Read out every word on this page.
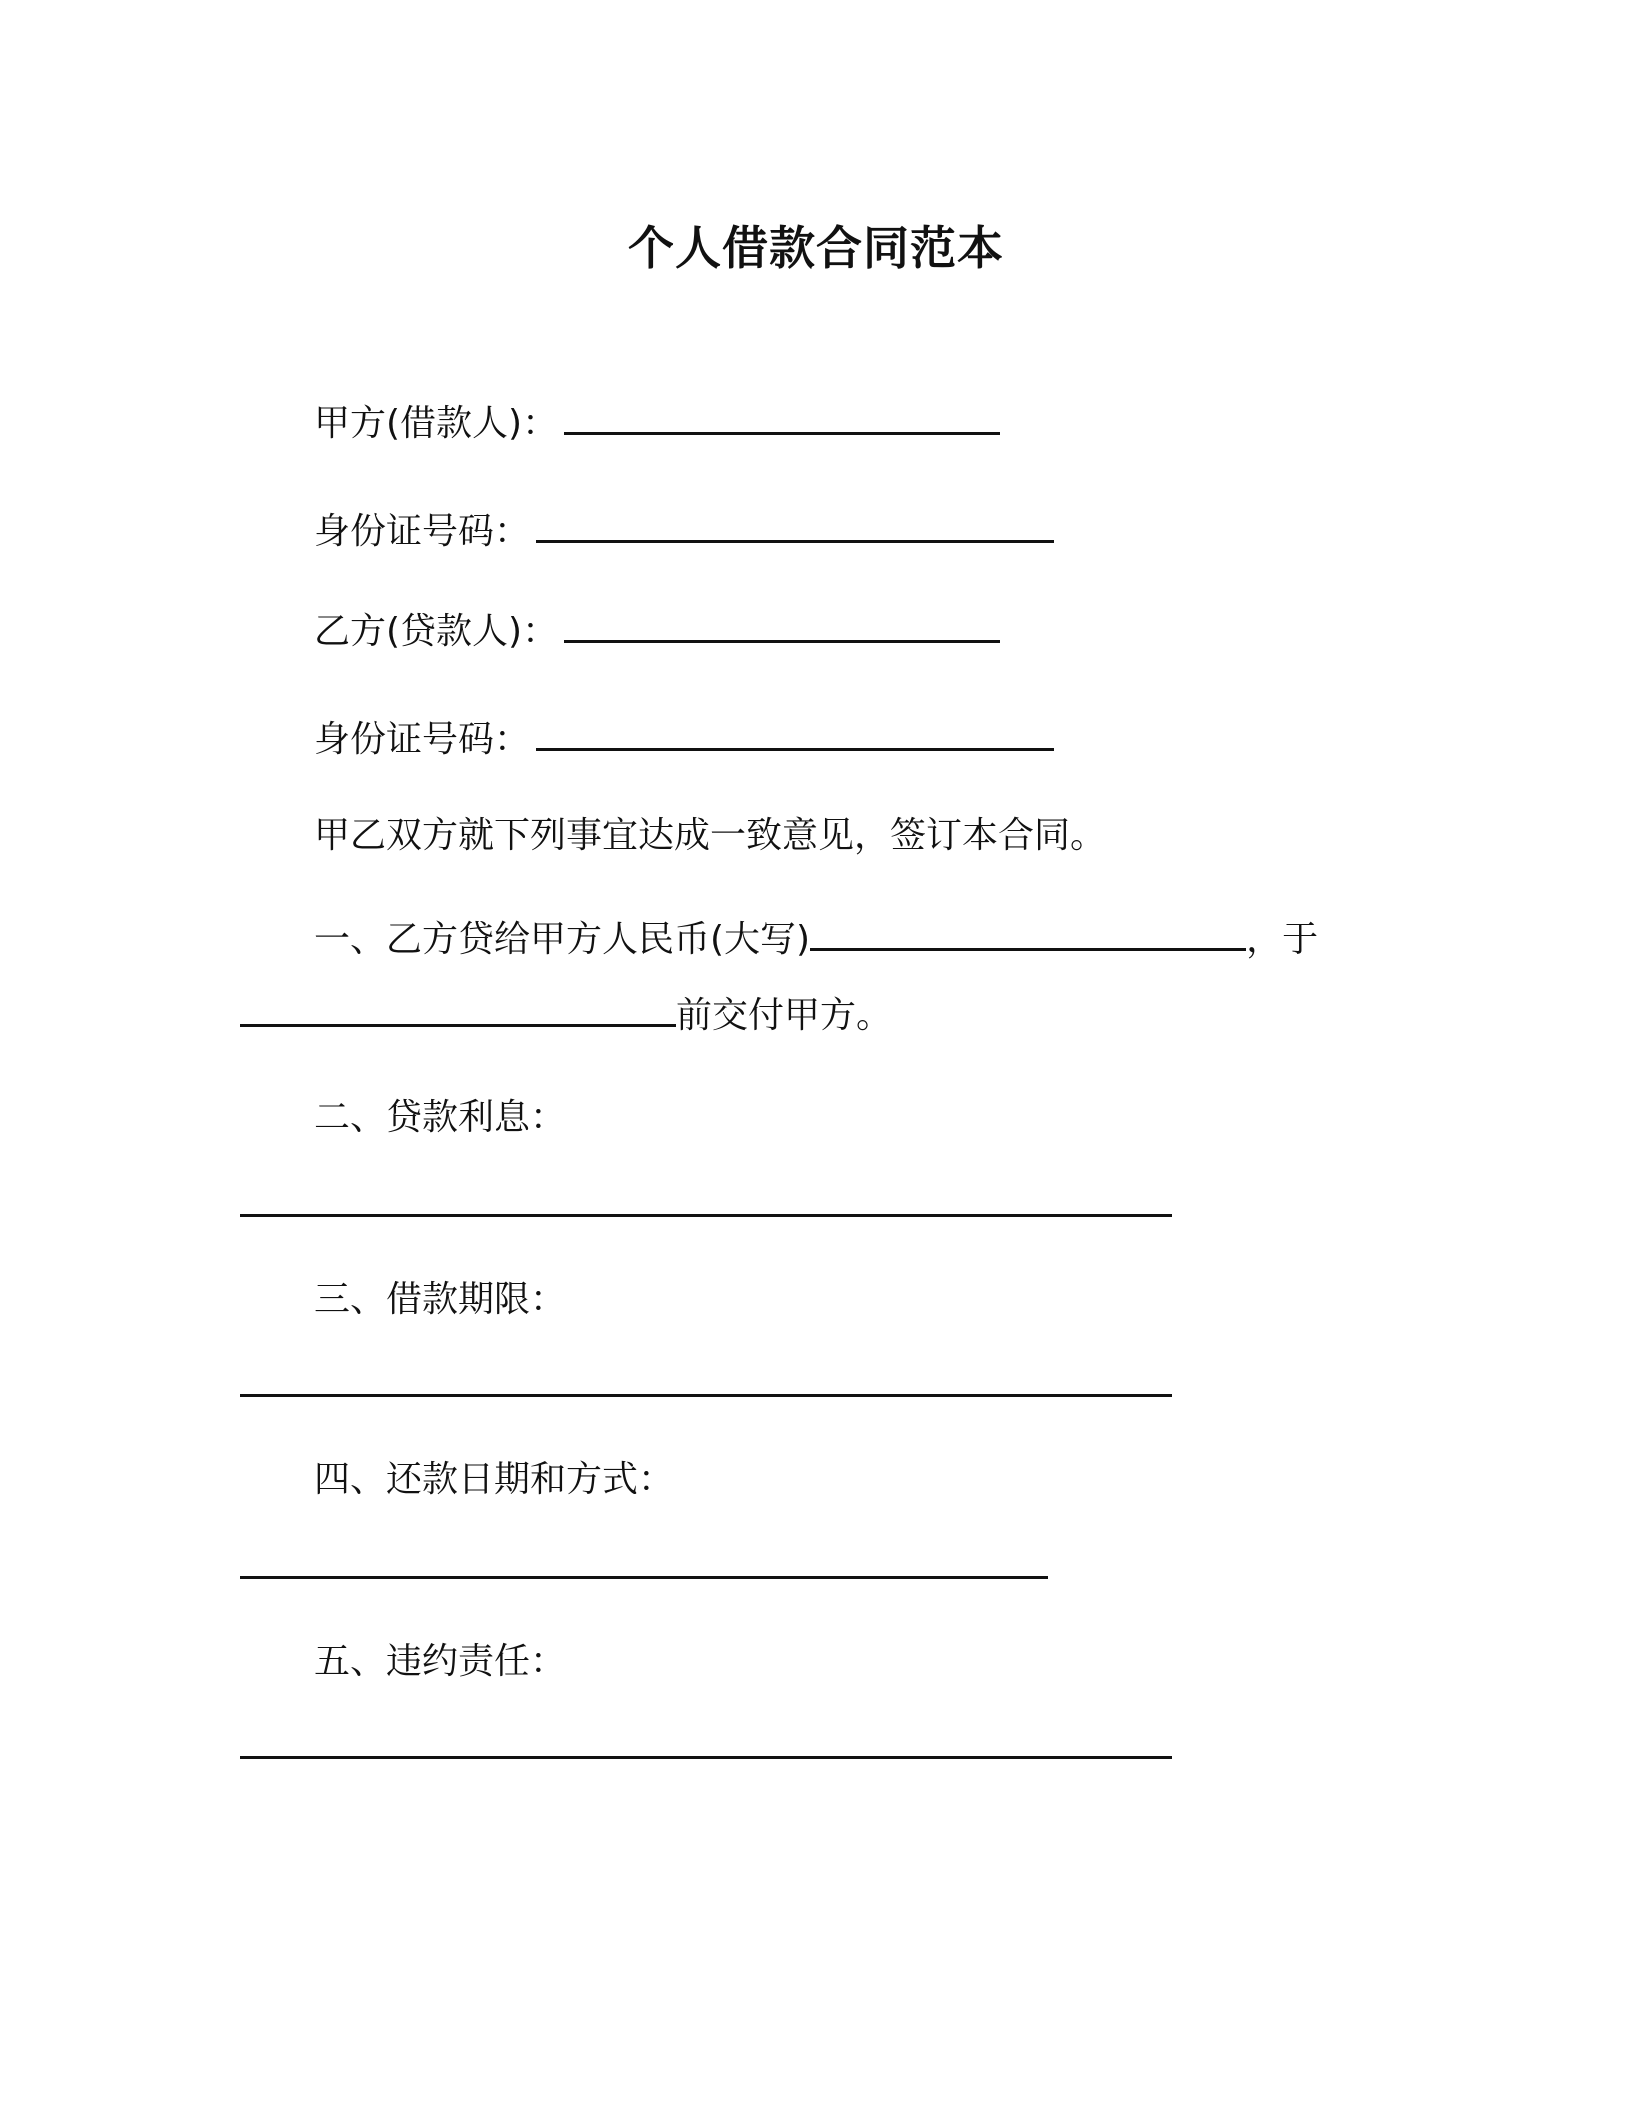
个人借款合同范本
甲方(借款人)：
身份证号码：
乙方(贷款人)：
身份证号码：
甲乙双方就下列事宜达成一致意见，签订本合同。
一、乙方贷给甲方人民币(大写)	，于
前交付甲方。
二、贷款利息：
三、借款期限：
四、还款日期和方式：
五、违约责任：
